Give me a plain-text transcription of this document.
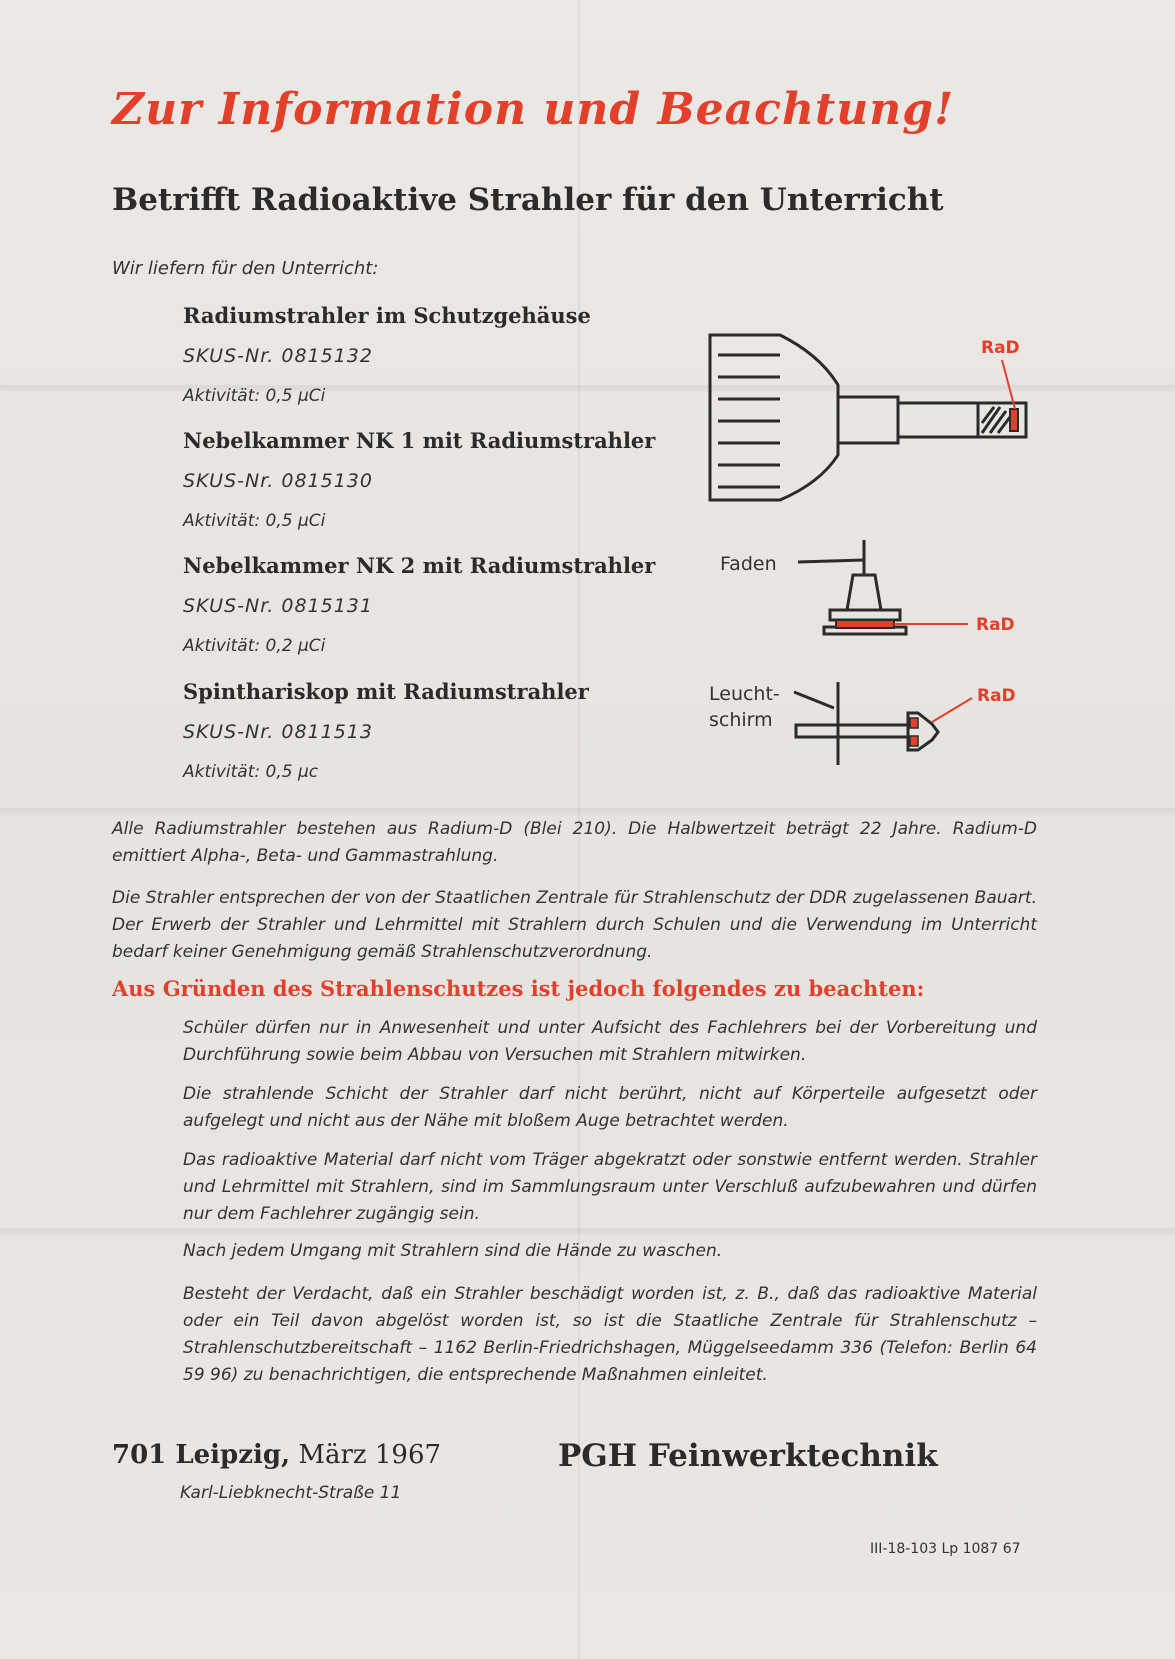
Zur Information und Beachtung!
Betrifft Radioaktive Strahler für den Unterricht
Wir liefern für den Unterricht:
Radiumstrahler im Schutzgehäuse
SKUS-Nr. 0815132
Aktivität: 0,5 μCi
Nebelkammer NK 1 mit Radiumstrahler
SKUS-Nr. 0815130
Aktivität: 0,5 μCi
Nebelkammer NK 2 mit Radiumstrahler
SKUS-Nr. 0815131
Aktivität: 0,2 μCi
Spinthariskop mit Radiumstrahler
SKUS-Nr. 0811513
Aktivität: 0,5 μc
RaD
Faden
RaD
Leucht-
schirm
RaD
Alle Radiumstrahler bestehen aus Radium-D (Blei 210). Die Halbwertzeit beträgt 22 Jahre. Radium-D emittiert Alpha-, Beta- und Gammastrahlung.
Die Strahler entsprechen der von der Staatlichen Zentrale für Strahlenschutz der DDR zugelassenen Bauart. Der Erwerb der Strahler und Lehrmittel mit Strahlern durch Schulen und die Verwendung im Unterricht bedarf keiner Genehmigung gemäß Strahlenschutzverordnung.
Aus Gründen des Strahlenschutzes ist jedoch folgendes zu beachten:
Schüler dürfen nur in Anwesenheit und unter Aufsicht des Fachlehrers bei der Vorbereitung und Durchführung sowie beim Abbau von Versuchen mit Strahlern mitwirken.
Die strahlende Schicht der Strahler darf nicht berührt, nicht auf Körperteile aufgesetzt oder aufgelegt und nicht aus der Nähe mit bloßem Auge betrachtet werden.
Das radioaktive Material darf nicht vom Träger abgekratzt oder sonstwie entfernt werden. Strahler und Lehrmittel mit Strahlern, sind im Sammlungsraum unter Verschluß aufzubewahren und dürfen nur dem Fachlehrer zugängig sein.
Nach jedem Umgang mit Strahlern sind die Hände zu waschen.
Besteht der Verdacht, daß ein Strahler beschädigt worden ist, z. B., daß das radioaktive Material oder ein Teil davon abgelöst worden ist, so ist die Staatliche Zentrale für Strahlenschutz – Strahlenschutzbereitschaft – 1162 Berlin-Friedrichshagen, Müggelseedamm 336 (Telefon: Berlin 64 59 96) zu benachrichtigen, die entsprechende Maßnahmen einleitet.
701 Leipzig, März 1967
Karl-Liebknecht-Straße 11
PGH Feinwerktechnik
III-18-103 Lp 1087 67
